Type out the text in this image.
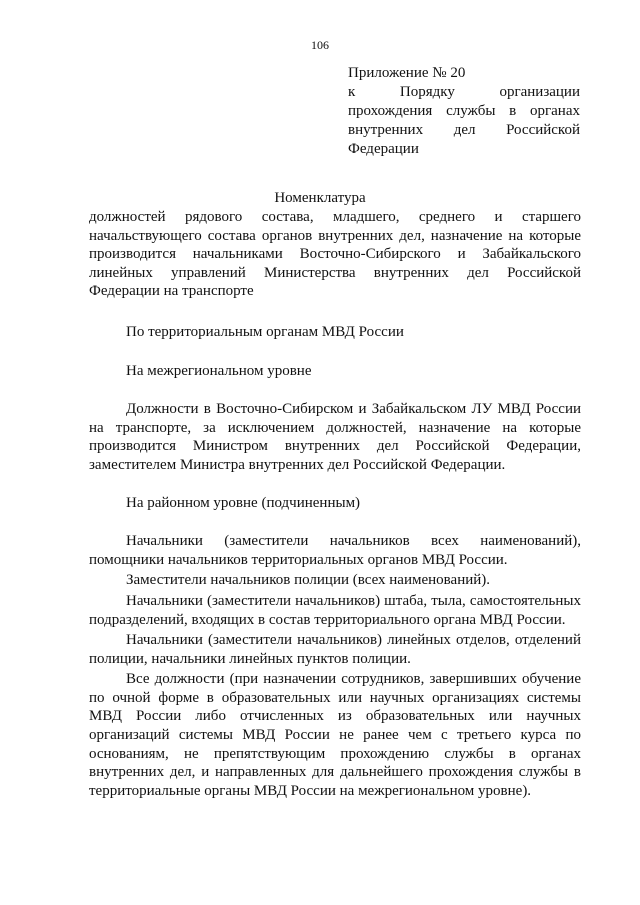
106
Приложение № 20
к Порядку организации
прохождения службы в органах
внутренних дел Российской
Федерации
Номенклатура

должностей рядового состава, младшего, среднего и старшего начальствующего состава органов внутренних дел, назначение на которые производится начальниками Восточно-Сибирского и Забайкальского линейных управлений Министерства внутренних дел Российской Федерации на транспорте

По территориальным органам МВД России

На межрегиональном уровне

Должности в Восточно-Сибирском и Забайкальском ЛУ МВД России на транспорте, за исключением должностей, назначение на которые производится Министром внутренних дел Российской Федерации, заместителем Министра внутренних дел Российской Федерации.

На районном уровне (подчиненным)

Начальники (заместители начальников всех наименований), помощники начальников территориальных органов МВД России.

Заместители начальников полиции (всех наименований).

Начальники (заместители начальников) штаба, тыла, самостоятельных подразделений, входящих в состав территориального органа МВД России.

Начальники (заместители начальников) линейных отделов, отделений полиции, начальники линейных пунктов полиции.

Все должности (при назначении сотрудников, завершивших обучение по очной форме в образовательных или научных организациях системы МВД России либо отчисленных из образовательных или научных организаций системы МВД России не ранее чем с третьего курса по основаниям, не препятствующим прохождению службы в органах внутренних дел, и направленных для дальнейшего прохождения службы в территориальные органы МВД России на межрегиональном уровне).
